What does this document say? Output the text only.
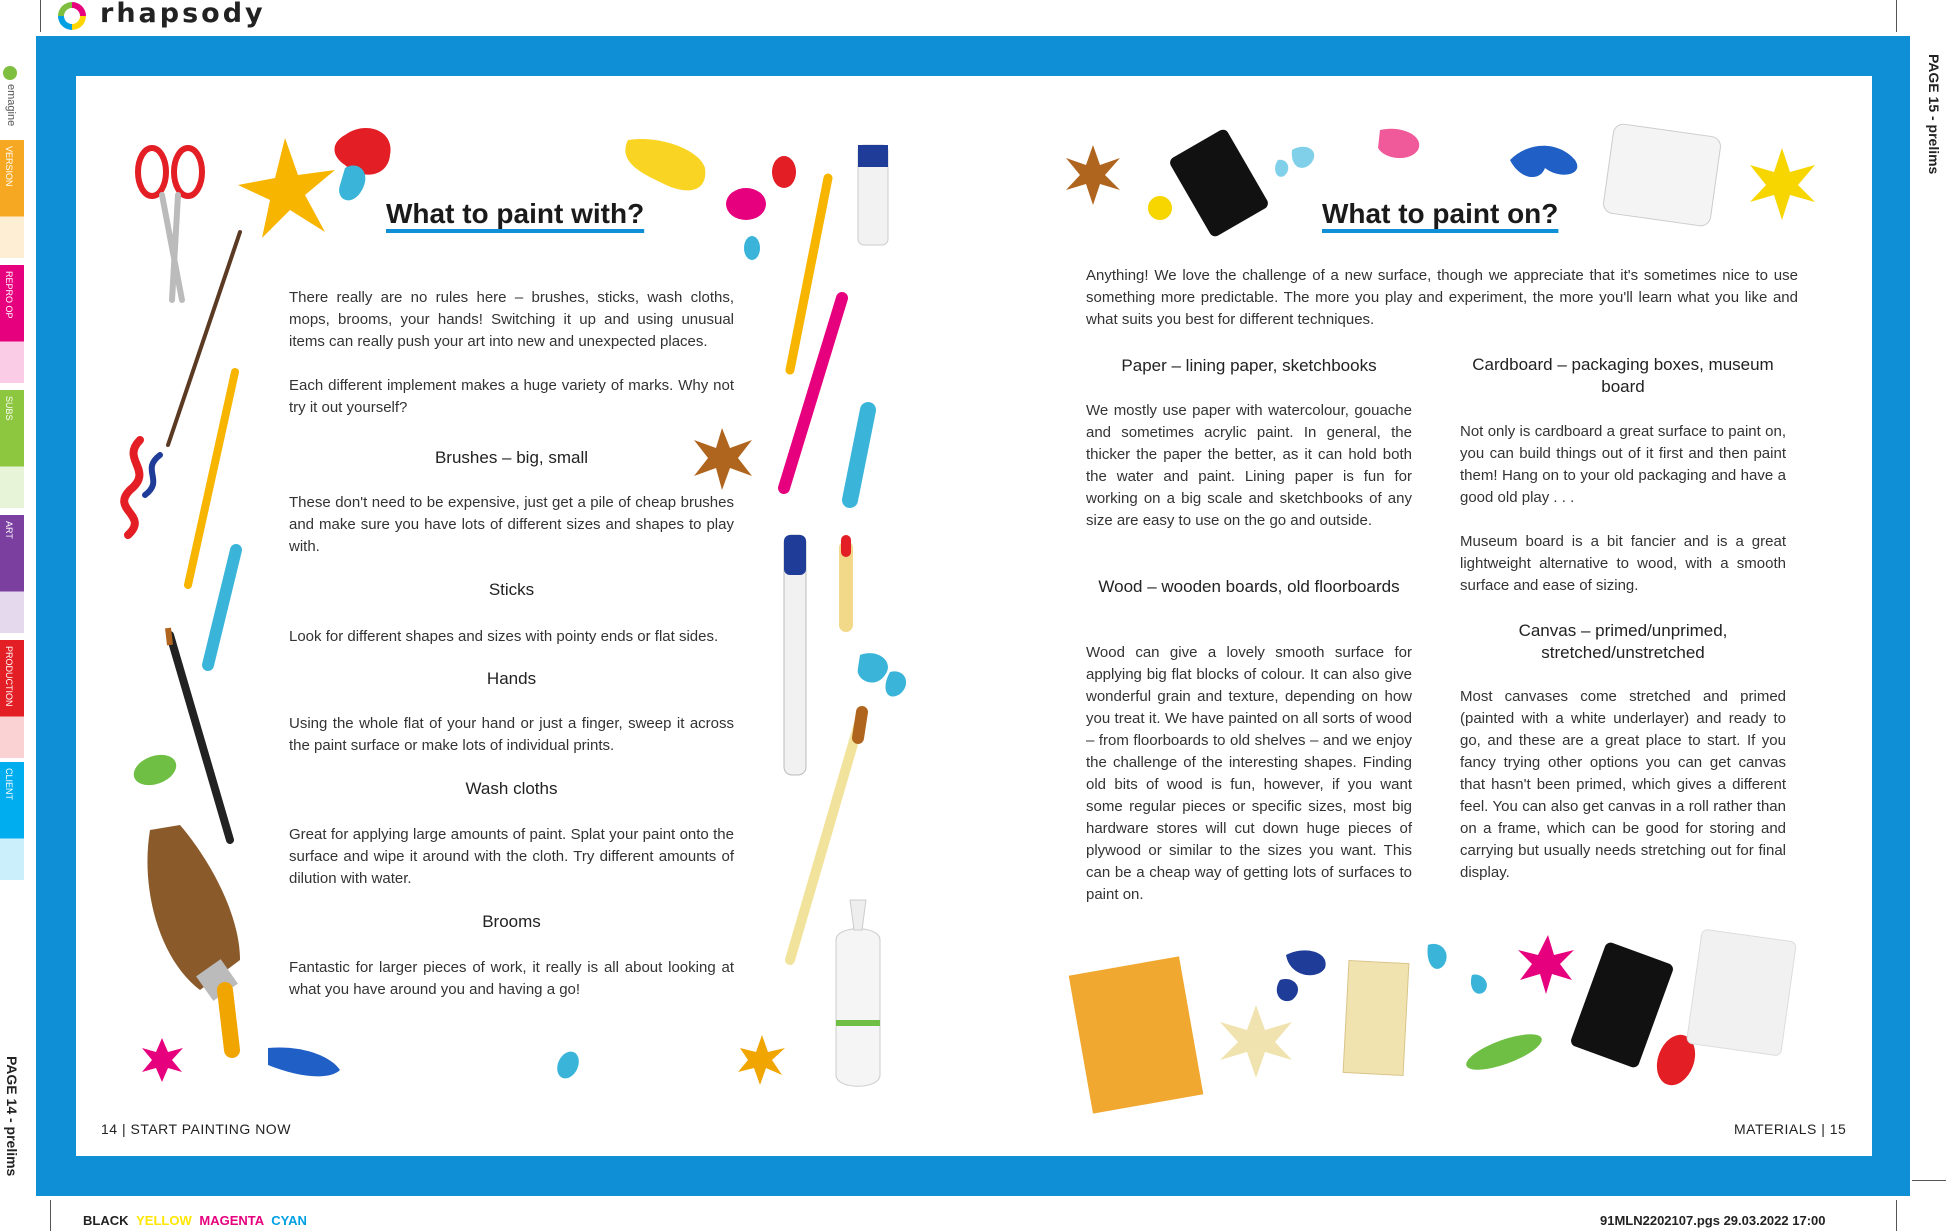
rhapsody
emagine
VERSION
REPRO OP
SUBS
ART
PRODUCTION
CLIENT
PAGE 14 - prelims
PAGE 15 - prelims
What to paint with?
There really are no rules here – brushes, sticks, wash cloths, mops, brooms, your hands! Switching it up and using unusual items can really push your art into new and unexpected places.
Each different implement makes a huge variety of marks. Why not try it out yourself?
Brushes – big, small
These don't need to be expensive, just get a pile of cheap brushes and make sure you have lots of different sizes and shapes to play with.
Sticks
Look for different shapes and sizes with pointy ends or flat sides.
Hands
Using the whole flat of your hand or just a finger, sweep it across the paint surface or make lots of individual prints.
Wash cloths
Great for applying large amounts of paint. Splat your paint onto the surface and wipe it around with the cloth. Try different amounts of dilution with water.
Brooms
Fantastic for larger pieces of work, it really is all about looking at what you have around you and having a go!
14 | START PAINTING NOW
What to paint on?
Anything! We love the challenge of a new surface, though we appreciate that it's sometimes nice to use something more predictable. The more you play and experiment, the more you'll learn what you like and what suits you best for different techniques.
Paper – lining paper, sketchbooks
We mostly use paper with watercolour, gouache and sometimes acrylic paint. In general, the thicker the paper the better, as it can hold both the water and paint. Lining paper is fun for working on a big scale and sketchbooks of any size are easy to use on the go and outside.
Wood – wooden boards, old floorboards
Wood can give a lovely smooth surface for applying big flat blocks of colour. It can also give wonderful grain and texture, depending on how you treat it. We have painted on all sorts of wood – from floorboards to old shelves – and we enjoy the challenge of the interesting shapes. Finding old bits of wood is fun, however, if you want some regular pieces or specific sizes, most big hardware stores will cut down huge pieces of plywood or similar to the sizes you want. This can be a cheap way of getting lots of surfaces to paint on.
Cardboard – packaging boxes, museum board
Not only is cardboard a great surface to paint on, you can build things out of it first and then paint them! Hang on to your old packaging and have a good old play . . .
Museum board is a bit fancier and is a great lightweight alternative to wood, with a smooth surface and ease of sizing.
Canvas – primed/unprimed, stretched/unstretched
Most canvases come stretched and primed (painted with a white underlayer) and ready to go, and these are a great place to start. If you fancy trying other options you can get canvas that hasn't been primed, which gives a different feel. You can also get canvas in a roll rather than on a frame, which can be good for storing and carrying but usually needs stretching out for final display.
MATERIALS | 15
BLACK YELLOW MAGENTA CYAN	91MLN2202107.pgs 29.03.2022 17:00
